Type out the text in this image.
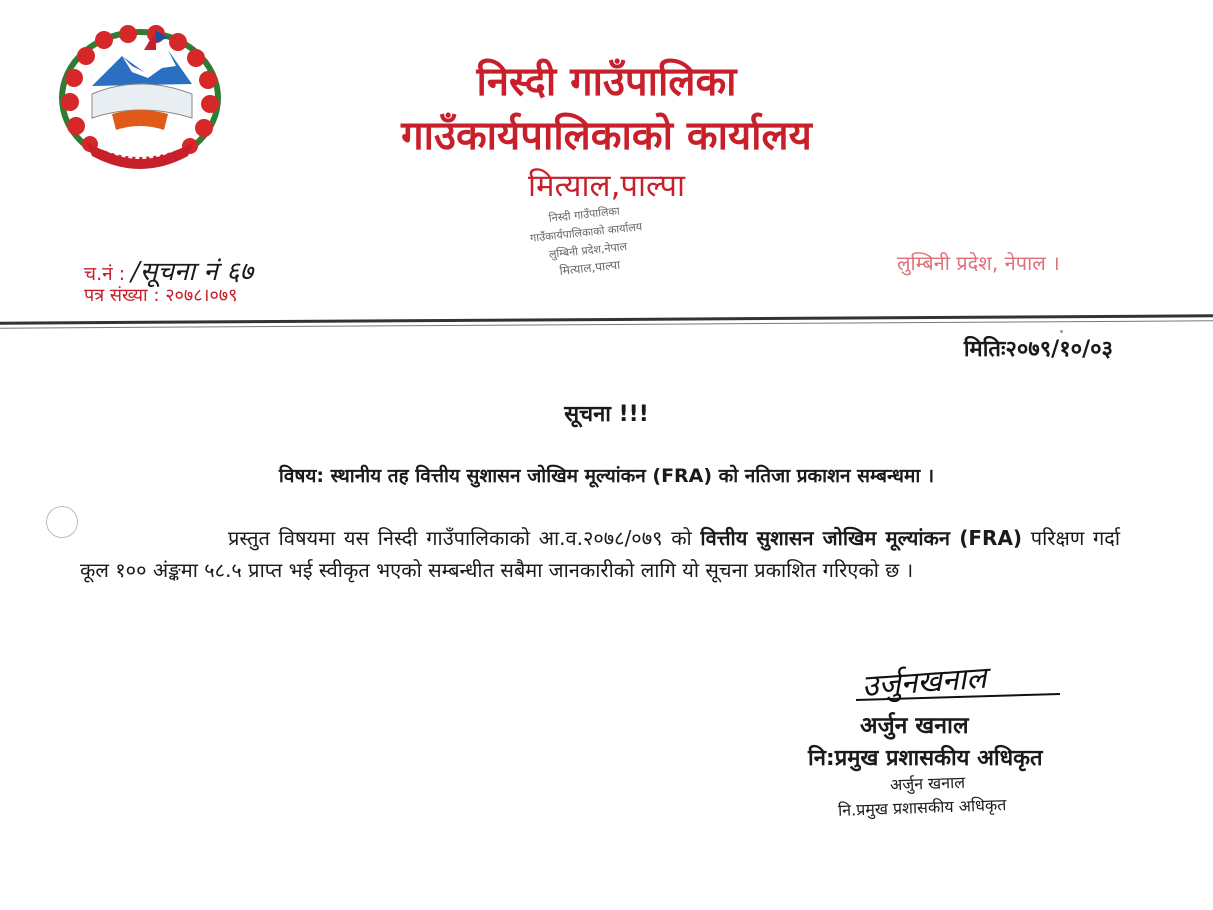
निस्दी गाउँपालिका
गाउँकार्यपालिकाको कार्यालय
मित्याल,पाल्पा
निस्दी गाउँपालिका
गाउँकार्यपालिकाको कार्यालय
लुम्बिनी प्रदेश,नेपाल
मित्याल,पाल्पा
च.नं : /सूचना नं ६७
पत्र संख्या : २०७८।०७९
लुम्बिनी प्रदेश, नेपाल ।
मितिः२०७९/१०/०३
सूचना !!!
विषय: स्थानीय तह वित्तीय सुशासन जोखिम मूल्यांकन (FRA) को नतिजा प्रकाशन सम्बन्धमा ।

प्रस्तुत विषयमा यस निस्दी गाउँपालिकाको आ.व.२०७८/०७९ को वित्तीय सुशासन जोखिम मूल्यांकन (FRA) परिक्षण गर्दा कूल १०० अंङ्कमा ५८.५ प्राप्त भई स्वीकृत भएको सम्बन्धीत सबैमा जानकारीको लागि यो सूचना प्रकाशित गरिएको छ ।

उर्जुनखनाल
अर्जुन खनाल
नि:प्रमुख प्रशासकीय अधिकृत
अर्जुन खनाल
नि.प्रमुख प्रशासकीय अधिकृत
